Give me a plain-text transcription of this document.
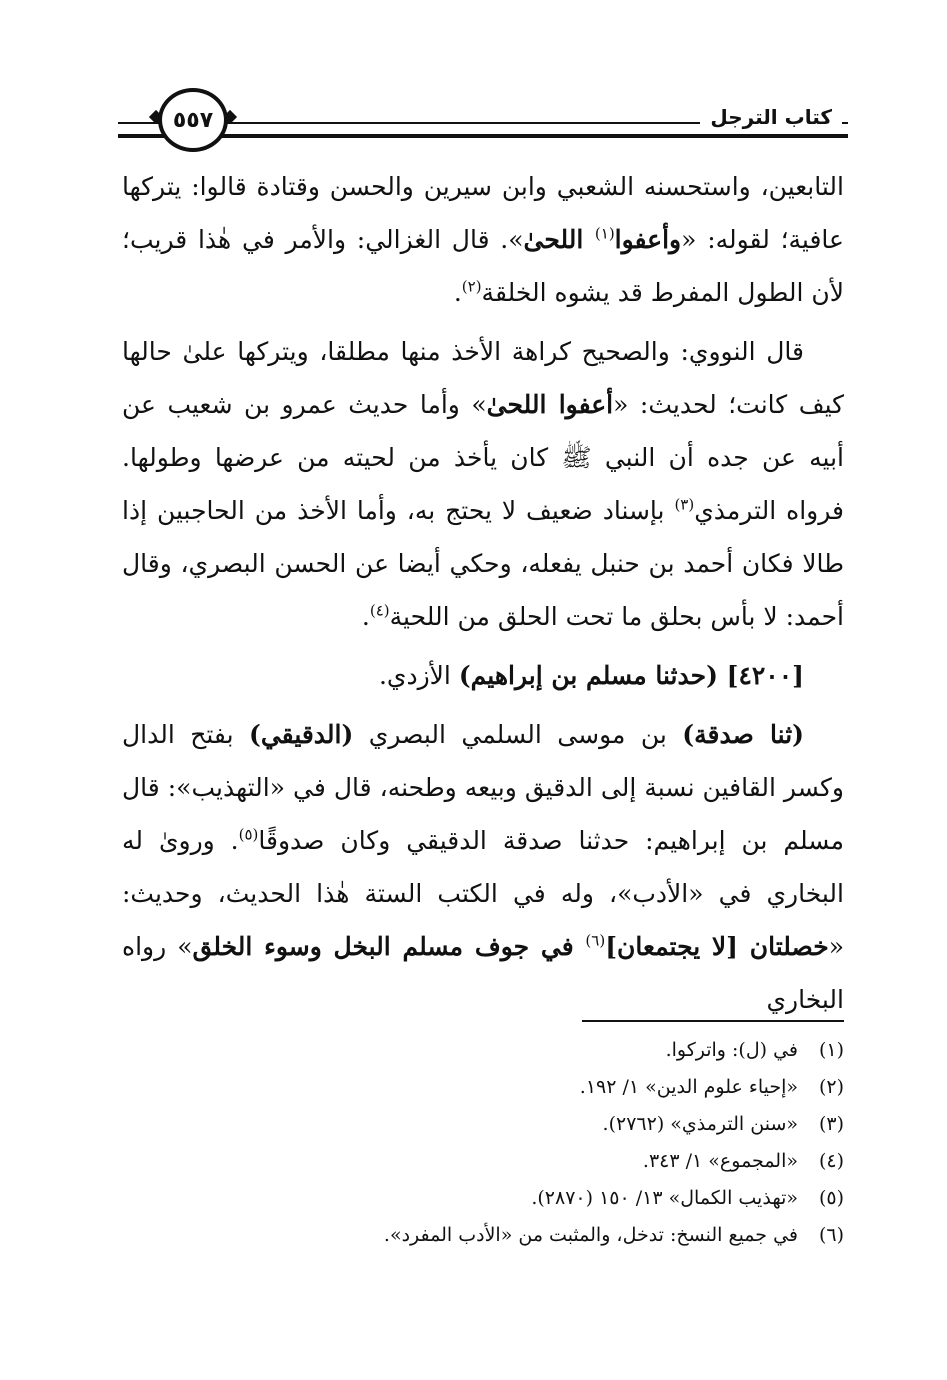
٥٥٧	كتاب الترجل

التابعين، واستحسنه الشعبي وابن سيرين والحسن وقتادة قالوا: يتركها عافية؛ لقوله: «وأعفوا$^{(١)}$ اللحىٰ». قال الغزالي: والأمر في هٰذا قريب؛ لأن الطول المفرط قد يشوه الخلقة$^{(٢)}$.

قال النووي: والصحيح كراهة الأخذ منها مطلقا، ويتركها علىٰ حالها كيف كانت؛ لحديث: «أعفوا اللحىٰ» وأما حديث عمرو بن شعيب عن أبيه عن جده أن النبي ﷺ كان يأخذ من لحيته من عرضها وطولها. فرواه الترمذي$^{(٣)}$ بإسناد ضعيف لا يحتج به، وأما الأخذ من الحاجبين إذا طالا فكان أحمد بن حنبل يفعله، وحكي أيضا عن الحسن البصري، وقال أحمد: لا بأس بحلق ما تحت الحلق من اللحية$^{(٤)}$.

[٤٢٠٠] (حدثنا مسلم بن إبراهيم) الأزدي.

(ثنا صدقة) بن موسى السلمي البصري (الدقيقي) بفتح الدال وكسر القافين نسبة إلى الدقيق وبيعه وطحنه، قال في «التهذيب»: قال مسلم بن إبراهيم: حدثنا صدقة الدقيقي وكان صدوقًا$^{(٥)}$. وروىٰ له البخاري في «الأدب»، وله في الكتب الستة هٰذا الحديث، وحديث: «خصلتان [لا يجتمعان]$^{(٦)}$ في جوف مسلم البخل وسوء الخلق» رواه البخاري

(١)
في (ل): واتركوا.
(٢)
«إحياء علوم الدين» ١/ ١٩٢.
(٣)
«سنن الترمذي» (٢٧٦٢).
(٤)
«المجموع» ١/ ٣٤٣.
(٥)
«تهذيب الكمال» ١٣/ ١٥٠ (٢٨٧٠).
(٦)
في جميع النسخ: تدخل، والمثبت من «الأدب المفرد».
